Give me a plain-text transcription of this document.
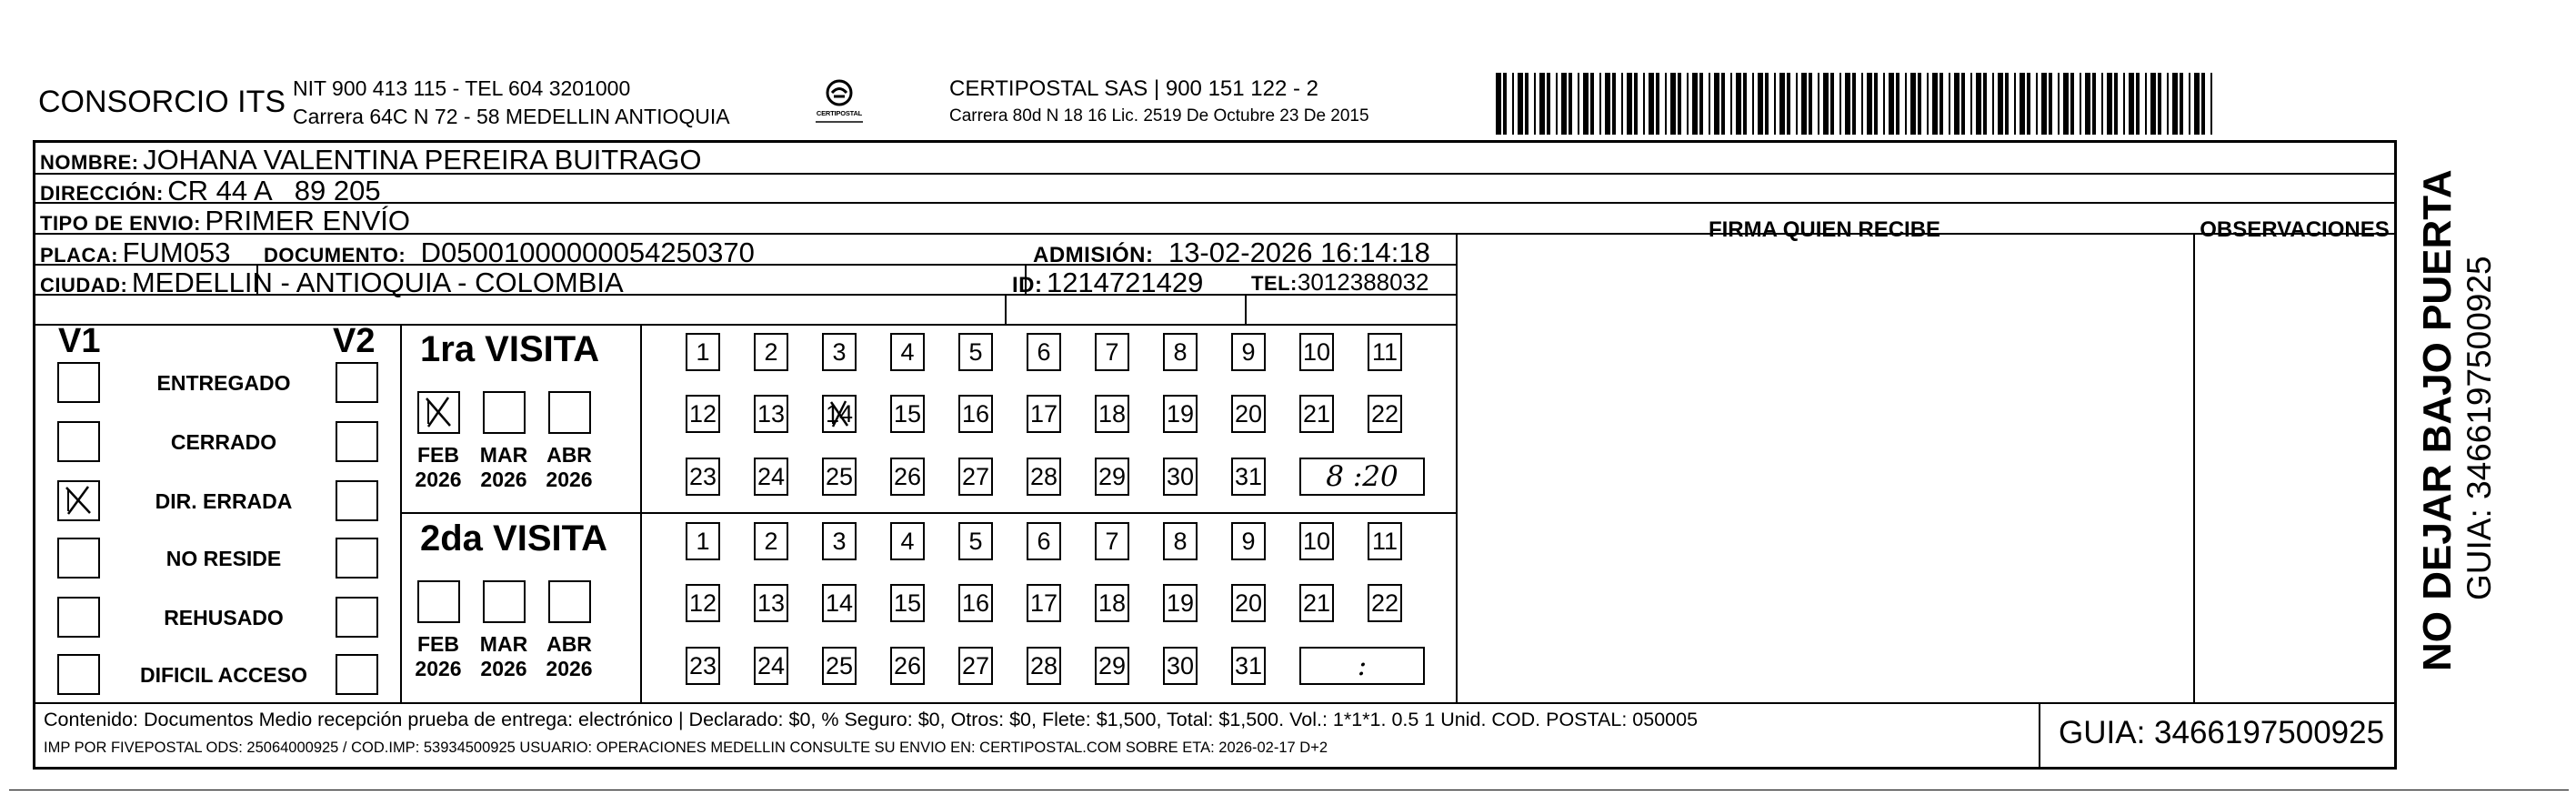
CONSORCIO ITS NIT 900 413 115 - TEL 604 3201000
Carrera 64C N 72 - 58 MEDELLIN ANTIOQUIA	CERTIPOSTAL
CERTIPOSTAL SAS | 900 151 122 - 2
Carrera 80d N 18 16 Lic. 2519 De Octubre 23 De 2015
NOMBRE: JOHANA VALENTINA PEREIRA BUITRAGO
DIRECCIÓN: CR 44 A   89 205
TIPO DE ENVIO: PRIMER ENVÍO	FIRMA QUIEN RECIBE	OBSERVACIONES
PLACA: FUM053 DOCUMENTO: D05001000000054250370	ADMISIÓN: 13-02-2026 16:14:18
CIUDAD: MEDELLIN - ANTIOQUIA - COLOMBIA	ID: 1214721429 TEL:3012388032
V1	V2
ENTREGADO
CERRADO
DIR. ERRADA
NO RESIDE
REHUSADO
DIFICIL ACCESO
1ra VISITA
2da VISITA
FEB
2026
MAR
2026
ABR
2026
1	2	3	4	5	6	7	8	9	10 11
12 13 14 15 16 17 18 19 20 21 22
23 24 25 26 27 28 29 30 31	8 :20
FEB
2026
MAR
2026
ABR
2026
1	2	3	4	5	6	7	8	9	10 11
12 13 14 15 16 17 18 19 20 21 22
23 24 25 26 27 28 29 30 31	:
Contenido: Documentos Medio recepción prueba de entrega: electrónico | Declarado: $0, % Seguro: $0, Otros: $0, Flete: $1,500, Total: $1,500. Vol.: 1*1*1. 0.5 1 Unid. COD. POSTAL: 050005
IMP POR FIVEPOSTAL ODS: 25064000925 / COD.IMP: 53934500925 USUARIO: OPERACIONES MEDELLIN CONSULTE SU ENVIO EN: CERTIPOSTAL.COM SOBRE ETA: 2026-02-17 D+2	GUIA: 3466197500925
NO DEJAR BAJO PUERTA GUIA: 3466197500925
